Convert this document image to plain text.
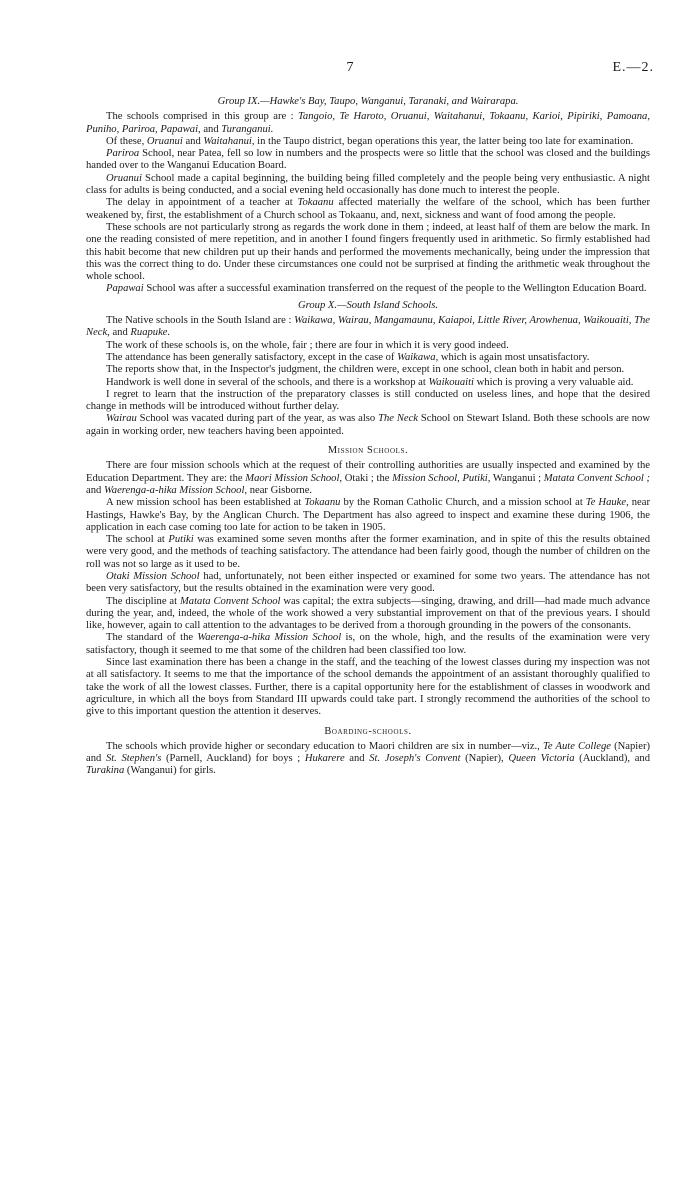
7	E.—2.
Group IX.—Hawke's Bay, Taupo, Wanganui, Taranaki, and Wairarapa.

The schools comprised in this group are : Tangoio, Te Haroto, Oruanui, Waitahanui, Tokaanu, Karioi, Pipiriki, Pamoana, Puniho, Pariroa, Papawai, and Turanganui.

Of these, Oruanui and Waitahanui, in the Taupo district, began operations this year, the latter being too late for examination.

Pariroa School, near Patea, fell so low in numbers and the prospects were so little that the school was closed and the buildings handed over to the Wanganui Education Board.

Oruanui School made a capital beginning, the building being filled completely and the people being very enthusiastic. A night class for adults is being conducted, and a social evening held occasionally has done much to interest the people.

The delay in appointment of a teacher at Tokaanu affected materially the welfare of the school, which has been further weakened by, first, the establishment of a Church school as Tokaanu, and, next, sickness and want of food among the people.

These schools are not particularly strong as regards the work done in them ; indeed, at least half of them are below the mark. In one the reading consisted of mere repetition, and in another I found fingers frequently used in arithmetic. So firmly established had this habit become that new children put up their hands and performed the movements mechanically, being under the impression that this was the correct thing to do. Under these circumstances one could not be surprised at finding the arithmetic weak throughout the whole school.

Papawai School was after a successful examination transferred on the request of the people to the Wellington Education Board.

Group X.—South Island Schools.

The Native schools in the South Island are : Waikawa, Wairau, Mangamaunu, Kaiapoi, Little River, Arowhenua, Waikouaiti, The Neck, and Ruapuke.

The work of these schools is, on the whole, fair ; there are four in which it is very good indeed.

The attendance has been generally satisfactory, except in the case of Waikawa, which is again most unsatisfactory.

The reports show that, in the Inspector's judgment, the children were, except in one school, clean both in habit and person.

Handwork is well done in several of the schools, and there is a workshop at Waikouaiti which is proving a very valuable aid.

I regret to learn that the instruction of the preparatory classes is still conducted on useless lines, and hope that the desired change in methods will be introduced without further delay.

Wairau School was vacated during part of the year, as was also The Neck School on Stewart Island. Both these schools are now again in working order, new teachers having been appointed.

Mission Schools.

There are four mission schools which at the request of their controlling authorities are usually inspected and examined by the Education Department. They are: the Maori Mission School, Otaki ; the Mission School, Putiki, Wanganui ; Matata Convent School ; and Waerenga-a-hika Mission School, near Gisborne.

A new mission school has been established at Tokaanu by the Roman Catholic Church, and a mission school at Te Hauke, near Hastings, Hawke's Bay, by the Anglican Church. The Department has also agreed to inspect and examine these during 1906, the application in each case coming too late for action to be taken in 1905.

The school at Putiki was examined some seven months after the former examination, and in spite of this the results obtained were very good, and the methods of teaching satisfactory. The attendance had been fairly good, though the number of children on the roll was not so large as it used to be.

Otaki Mission School had, unfortunately, not been either inspected or examined for some two years. The attendance has not been very satisfactory, but the results obtained in the examination were very good.

The discipline at Matata Convent School was capital; the extra subjects—singing, drawing, and drill—had made much advance during the year, and, indeed, the whole of the work showed a very substantial improvement on that of the previous years. I should like, however, again to call attention to the advantages to be derived from a thorough grounding in the powers of the consonants.

The standard of the Waerenga-a-hika Mission School is, on the whole, high, and the results of the examination were very satisfactory, though it seemed to me that some of the children had been classified too low.

Since last examination there has been a change in the staff, and the teaching of the lowest classes during my inspection was not at all satisfactory. It seems to me that the importance of the school demands the appointment of an assistant thoroughly qualified to take the work of all the lowest classes. Further, there is a capital opportunity here for the establishment of classes in woodwork and agriculture, in which all the boys from Standard III upwards could take part. I strongly recommend the authorities of the school to give to this important question the attention it deserves.

Boarding-schools.

The schools which provide higher or secondary education to Maori children are six in number—viz., Te Aute College (Napier) and St. Stephen's (Parnell, Auckland) for boys ; Hukarere and St. Joseph's Convent (Napier), Queen Victoria (Auckland), and Turakina (Wanganui) for girls.
